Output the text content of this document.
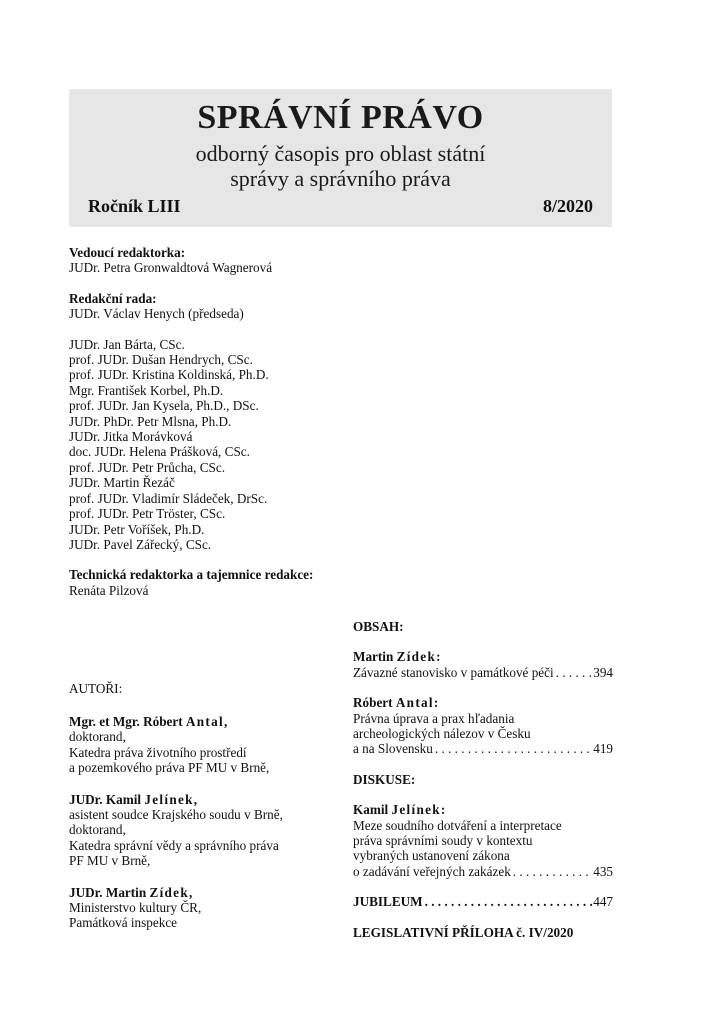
SPRÁVNÍ PRÁVO
odborný časopis pro oblast státní
správy a správního práva
Ročník LIII	8/2020
Vedoucí redaktorka:
JUDr. Petra Gronwaldtová Wagnerová
Redakční rada:
JUDr. Václav Henych (předseda)
JUDr. Jan Bárta, CSc.
prof. JUDr. Dušan Hendrych, CSc.
prof. JUDr. Kristina Koldinská, Ph.D.
Mgr. František Korbel, Ph.D.
prof. JUDr. Jan Kysela, Ph.D., DSc.
JUDr. PhDr. Petr Mlsna, Ph.D.
JUDr. Jitka Morávková
doc. JUDr. Helena Prášková, CSc.
prof. JUDr. Petr Průcha, CSc.
JUDr. Martin Řezáč
prof. JUDr. Vladimír Sládeček, DrSc.
prof. JUDr. Petr Tröster, CSc.
JUDr. Petr Voříšek, Ph.D.
JUDr. Pavel Zářecký, CSc.
Technická redaktorka a tajemnice redakce:
Renáta Pilzová
AUTOŘI:
Mgr. et Mgr. Róbert Antal,
doktorand,
Katedra práva životního prostředí
a pozemkového práva PF MU v Brně,
JUDr. Kamil Jelínek,
asistent soudce Krajského soudu v Brně,
doktorand,
Katedra správní vědy a správního práva
PF MU v Brně,
JUDr. Martin Zídek,
Ministerstvo kultury ČR,
Památková inspekce
OBSAH:
Martin Zídek:
Závazné stanovisko v památkové péči . . .	394
Róbert Antal:
Právna úprava a prax hľadania
archeologických nálezov v Česku
a na Slovensku . . .	419
DISKUSE:
Kamil Jelínek:
Meze soudního dotváření a interpretace
práva správními soudy v kontextu
vybraných ustanovení zákona
o zadávání veřejných zakázek . . .	435
JUBILEUM . . .	447
LEGISLATIVNÍ PŘÍLOHA č. IV/2020
